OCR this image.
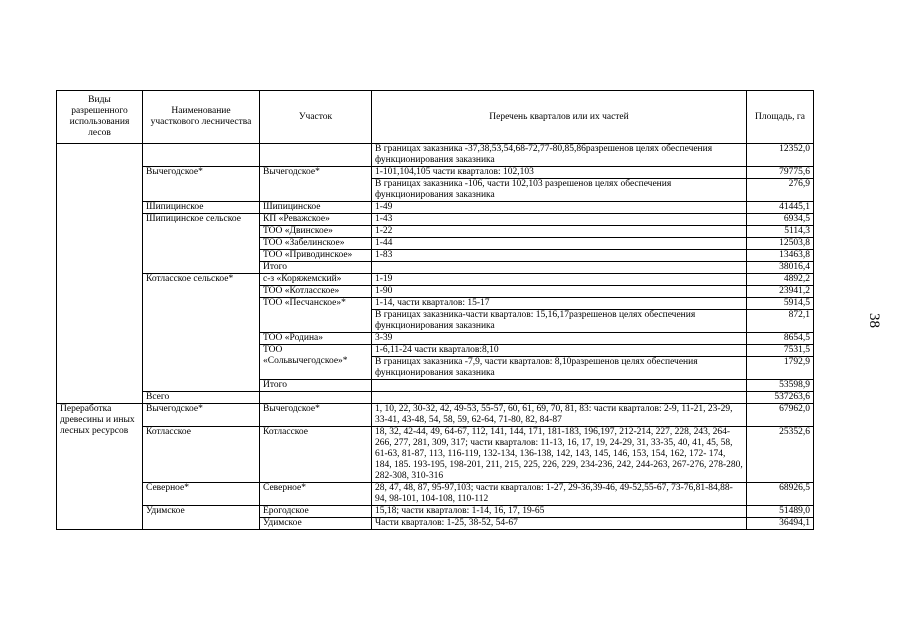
Виды разрешенного использования лесов	Наименование участкового лесничества	Участок	Перечень кварталов или их частей	Площадь, га
			В границах заказника -37,38,53,54,68-72,77-80,85,86разрешенов целях обеспечения функционирования заказника	12352,0
	Вычегодское*	Вычегодское*	1-101,104,105 части кварталов: 102,103	79775,6
			В границах заказника -106, части 102,103 разрешенов целях обеспечения функционирования заказника	276,9
	Шипицинское	Шипицинское	1-49	41445,1
	Шипицинское сельское	КП «Реважское»	1-43	6934,5
		ТОО «Двинское»	1-22	5114,3
		ТОО «Забелинское»	1-44	12503,8
		ТОО «Приводинское»	1-83	13463,8
		Итого		38016,4
	Котласское сельское*	с-з «Коряжемский»	1-19	4892,2
		ТОО «Котласское»	1-90	23941,2
		ТОО «Песчанское»*	1-14, части кварталов: 15-17	5914,5
			В границах заказника-части кварталов: 15,16,17разрешенов целях обеспечения функционирования заказника	872,1
		ТОО «Родина»	3-39	8654,5
		ТОО «Сольвычегодское»*	1-6,11-24 части кварталов:8,10	7531,5
			В границах заказника -7,9, части кварталов: 8,10разрешенов целях обеспечения функционирования заказника	1792,9
		Итого		53598,9
	Всего			537263,6
Переработка древесины и иных лесных ресурсов	Вычегодское*	Вычегодское*	1, 10, 22, 30-32, 42, 49-53, 55-57, 60, 61, 69, 70, 81, 83: части кварталов: 2-9, 11-21, 23-29, 33-41, 43-48, 54, 58, 59, 62-64, 71-80, 82, 84-87	67962,0
	Котласское	Котласское	18, 32, 42-44, 49, 64-67, 112, 141, 144, 171, 181-183, 196,197, 212-214, 227, 228, 243, 264-266, 277, 281, 309, 317; части кварталов: 11-13, 16, 17, 19, 24-29, 31, 33-35, 40, 41, 45, 58, 61-63, 81-87, 113, 116-119, 132-134, 136-138, 142, 143, 145, 146, 153, 154, 162, 172- 174, 184, 185. 193-195, 198-201, 211, 215, 225, 226, 229, 234-236, 242, 244-263, 267-276, 278-280, 282-308, 310-316	25352,6
	Северное*	Северное*	28, 47, 48, 87, 95-97,103; части кварталов: 1-27, 29-36,39-46, 49-52,55-67, 73-76,81-84,88-94, 98-101, 104-108, 110-112	68926,5
	Удимское	Ерогодское	15,18; части кварталов: 1-14, 16, 17, 19-65	51489,0
		Удимское	Части кварталов: 1-25, 38-52, 54-67	36494,1
38
